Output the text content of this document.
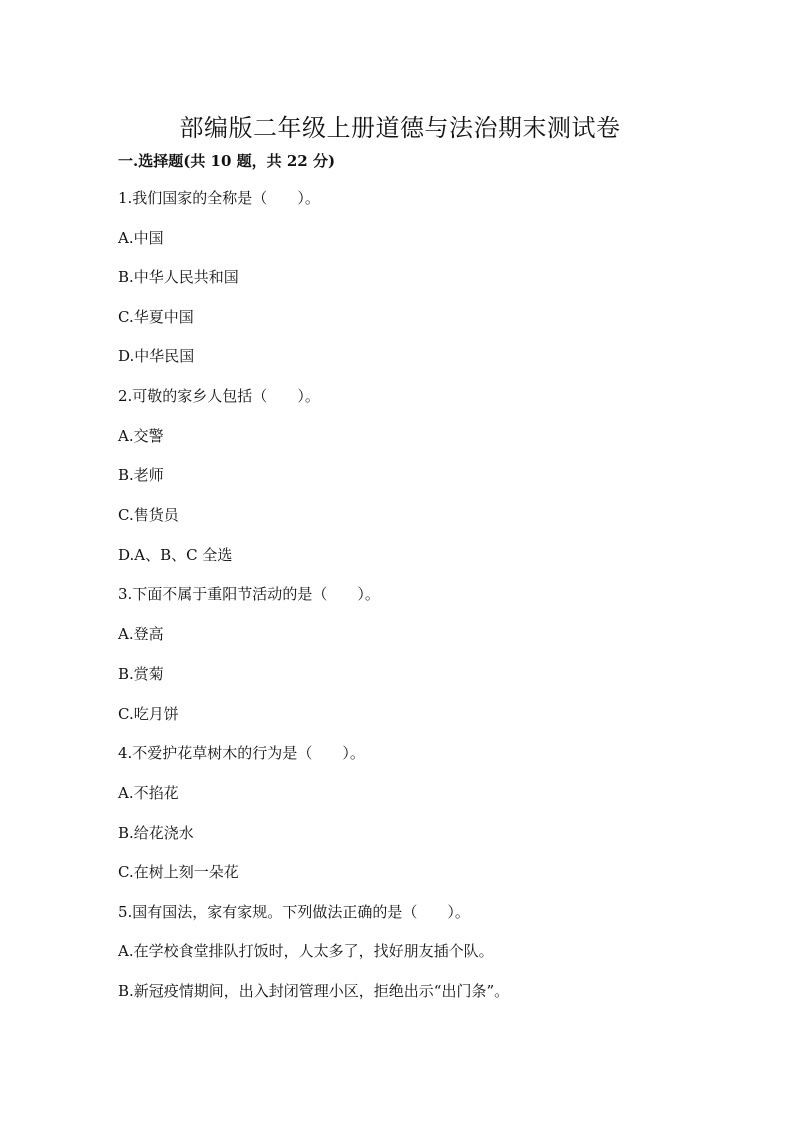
部编版二年级上册道德与法治期末测试卷
一.选择题(共 10 题，共 22 分)
1.我们国家的全称是（　　）。
A.中国
B.中华人民共和国
C.华夏中国
D.中华民国
2.可敬的家乡人包括（　　）。
A.交警
B.老师
C.售货员
D.A、B、C 全选
3.下面不属于重阳节活动的是（　　）。
A.登高
B.赏菊
C.吃月饼
4.不爱护花草树木的行为是（　　）。
A.不掐花
B.给花浇水
C.在树上刻一朵花
5.国有国法，家有家规。下列做法正确的是（　　）。
A.在学校食堂排队打饭时，人太多了，找好朋友插个队。
B.新冠疫情期间，出入封闭管理小区，拒绝出示“出门条”。
